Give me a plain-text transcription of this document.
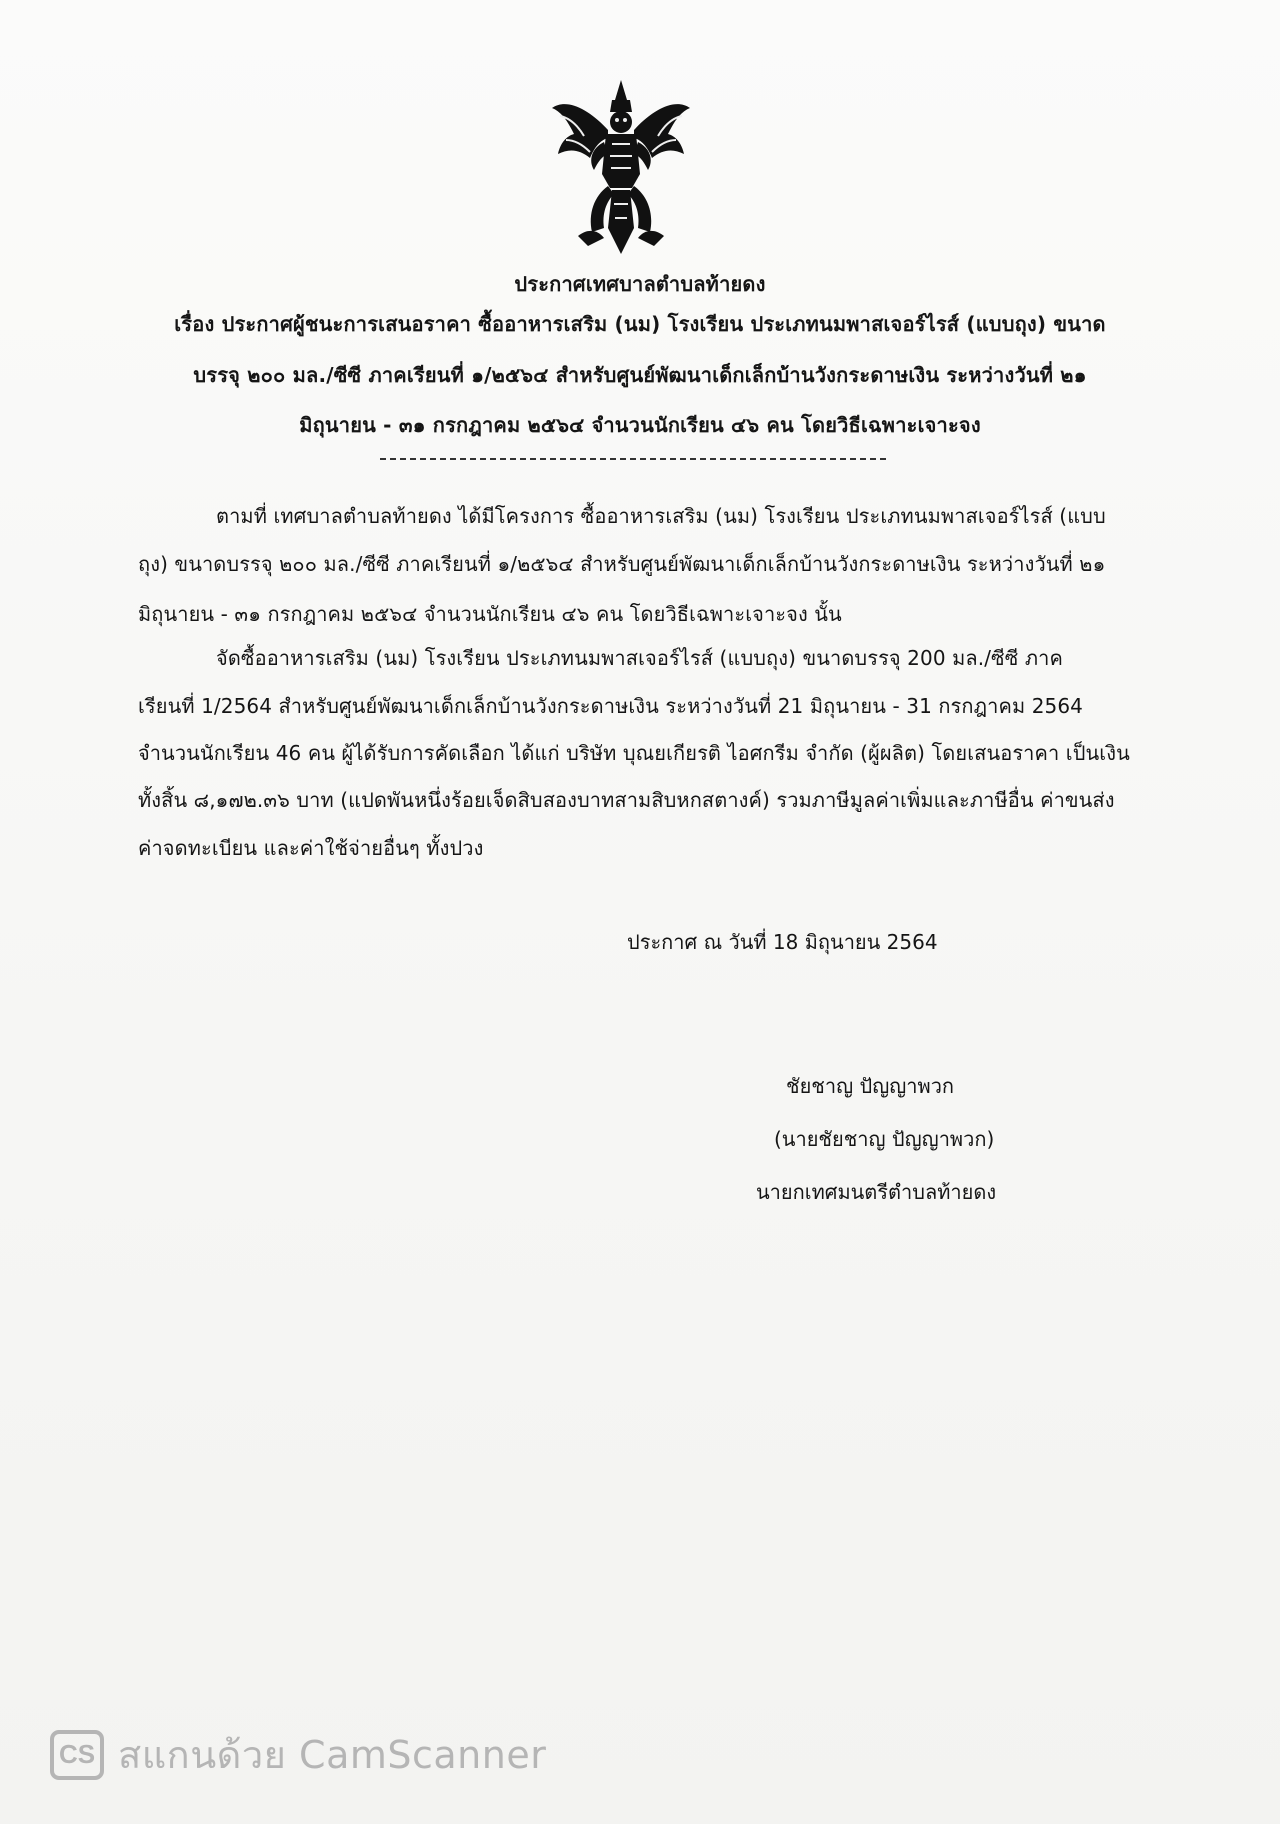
ประกาศเทศบาลตำบลท้ายดง
เรื่อง ประกาศผู้ชนะการเสนอราคา ซื้ออาหารเสริม (นม) โรงเรียน ประเภทนมพาสเจอร์ไรส์ (แบบถุง) ขนาด
บรรจุ ๒๐๐ มล./ซีซี ภาคเรียนที่ ๑/๒๕๖๔ สำหรับศูนย์พัฒนาเด็กเล็กบ้านวังกระดาษเงิน ระหว่างวันที่ ๒๑
มิถุนายน - ๓๑ กรกฎาคม ๒๕๖๔ จำนวนนักเรียน ๔๖ คน โดยวิธีเฉพาะเจาะจง
ตามที่ เทศบาลตำบลท้ายดง ได้มีโครงการ ซื้ออาหารเสริม (นม) โรงเรียน ประเภทนมพาสเจอร์ไรส์ (แบบ
ถุง) ขนาดบรรจุ ๒๐๐ มล./ซีซี ภาคเรียนที่ ๑/๒๕๖๔ สำหรับศูนย์พัฒนาเด็กเล็กบ้านวังกระดาษเงิน ระหว่างวันที่ ๒๑
มิถุนายน - ๓๑ กรกฎาคม ๒๕๖๔ จำนวนนักเรียน ๔๖ คน โดยวิธีเฉพาะเจาะจง นั้น
จัดซื้ออาหารเสริม (นม) โรงเรียน ประเภทนมพาสเจอร์ไรส์ (แบบถุง) ขนาดบรรจุ 200 มล./ซีซี ภาค
เรียนที่ 1/2564 สำหรับศูนย์พัฒนาเด็กเล็กบ้านวังกระดาษเงิน ระหว่างวันที่ 21 มิถุนายน - 31 กรกฎาคม 2564
จำนวนนักเรียน 46 คน ผู้ได้รับการคัดเลือก ได้แก่ บริษัท บุณยเกียรติ ไอศกรีม จำกัด (ผู้ผลิต) โดยเสนอราคา เป็นเงิน
ทั้งสิ้น ๘,๑๗๒.๓๖ บาท (แปดพันหนึ่งร้อยเจ็ดสิบสองบาทสามสิบหกสตางค์) รวมภาษีมูลค่าเพิ่มและภาษีอื่น ค่าขนส่ง
ค่าจดทะเบียน และค่าใช้จ่ายอื่นๆ ทั้งปวง
ประกาศ ณ วันที่ 18 มิถุนายน 2564
ชัยชาญ ปัญญาพวก
(นายชัยชาญ ปัญญาพวก)
นายกเทศมนตรีตำบลท้ายดง
CS สแกนด้วย CamScanner
